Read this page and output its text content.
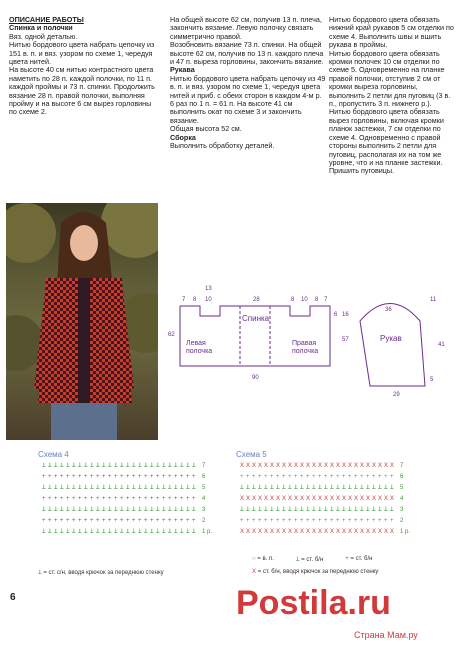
ОПИСАНИЕ РАБОТЫ

Спинка и полочки

Вяз. одной деталью.
Нитью бордового цвета набрать цепочку из 151 в. п. и вяз. узором по схеме 1, чередуя цвета нитей.
На высоте 40 см нитью контрастного цвета наметить по 28 п. каждой полочки, по 11 п. каждой проймы и 73 п. спинки. Продолжить вязание 28 п. правой полочки, выполняя пройму и на высоте 6 см вырез горловины по схеме 2.

На общей высоте 62 см, получив 13 п. плеча, закончить вязание. Левую полочку связать симметрично правой.
Возобновить вязание 73 п. спинки. На общей высоте 62 см, получив по 13 п. каждого плеча и 47 п. выреза горловины, закончить вязание.

Рукава

Нитью бордового цвета набрать цепочку из 49 в. п. и вяз. узором по схеме 1, чередуя цвета нитей и приб. с обеих сторон в каждом 4-м р. 6 раз по 1 п. = 61 п. На высоте 41 см выполнить окат по схеме 3 и закончить вязание.
Общая высота 52 см.

Сборка

Выполнить обработку деталей.

Нитью бордового цвета обвязать нижний край рукавов 5 см отделки по схеме 4. Выполнить швы и вшить рукава в проймы.
Нитью бордового цвета обвязать кромки полочек 10 см отделки по схеме 5. Одновременно на планке правой полочки, отступив 2 см от кромки выреза горловины, выполнить 2 петли для пуговиц (3 в. п., пропустить 3 п. нижнего р.).
Нитью бордового цвета обвязать вырез горловины, включая кромки планок застежки, 7 см отделки по схеме 4. Одновременно с правой стороны выполнить 2 петли для пуговиц, располагая их на том же уровне, что и на планке застежки. Пришить пуговицы.

7 8 10	28	8 10 8 7
13
90
6 16
57
62
36
29
11
41
5
Спинка
Рукав
Левая
полочка
Правая
полочка
Схема 4
ꓕ ꓕ ꓕ ꓕ ꓕ ꓕ ꓕ ꓕ ꓕ ꓕ ꓕ ꓕ ꓕ ꓕ ꓕ ꓕ ꓕ ꓕ ꓕ ꓕ ꓕ ꓕ ꓕ ꓕ ꓕ ꓕ 7
+ + + + + + + + + + + + + + + + + + + + + + + + + + 6
ꓕ ꓕ ꓕ ꓕ ꓕ ꓕ ꓕ ꓕ ꓕ ꓕ ꓕ ꓕ ꓕ ꓕ ꓕ ꓕ ꓕ ꓕ ꓕ ꓕ ꓕ ꓕ ꓕ ꓕ ꓕ ꓕ 5
+ + + + + + + + + + + + + + + + + + + + + + + + + + 4
ꓕ ꓕ ꓕ ꓕ ꓕ ꓕ ꓕ ꓕ ꓕ ꓕ ꓕ ꓕ ꓕ ꓕ ꓕ ꓕ ꓕ ꓕ ꓕ ꓕ ꓕ ꓕ ꓕ ꓕ ꓕ ꓕ 3
+ + + + + + + + + + + + + + + + + + + + + + + + + + 2
ꓕ ꓕ ꓕ ꓕ ꓕ ꓕ ꓕ ꓕ ꓕ ꓕ ꓕ ꓕ ꓕ ꓕ ꓕ ꓕ ꓕ ꓕ ꓕ ꓕ ꓕ ꓕ ꓕ ꓕ ꓕ ꓕ 1 р.
Схема 5
X X X X X X X X X X X X X X X X X X X X X X X X X X 7
+ + + + + + + + + + + + + + + + + + + + + + + + + + 6
ꓕ ꓕ ꓕ ꓕ ꓕ ꓕ ꓕ ꓕ ꓕ ꓕ ꓕ ꓕ ꓕ ꓕ ꓕ ꓕ ꓕ ꓕ ꓕ ꓕ ꓕ ꓕ ꓕ ꓕ ꓕ ꓕ 5
X X X X X X X X X X X X X X X X X X X X X X X X X X 4
ꓕ ꓕ ꓕ ꓕ ꓕ ꓕ ꓕ ꓕ ꓕ ꓕ ꓕ ꓕ ꓕ ꓕ ꓕ ꓕ ꓕ ꓕ ꓕ ꓕ ꓕ ꓕ ꓕ ꓕ ꓕ ꓕ 3
+ + + + + + + + + + + + + + + + + + + + + + + + + + 2
X X X X X X X X X X X X X X X X X X X X X X X X X X 1 р.
○ = в. п.	ꓕ = ст. б/н	+ = ст. б/н
ꓕ = ст. с/н, вводя крючок за переднюю стенку	X = ст. б/н, вводя крючок за переднюю стенку
6	Postila.ru
Страна Мам.ру
